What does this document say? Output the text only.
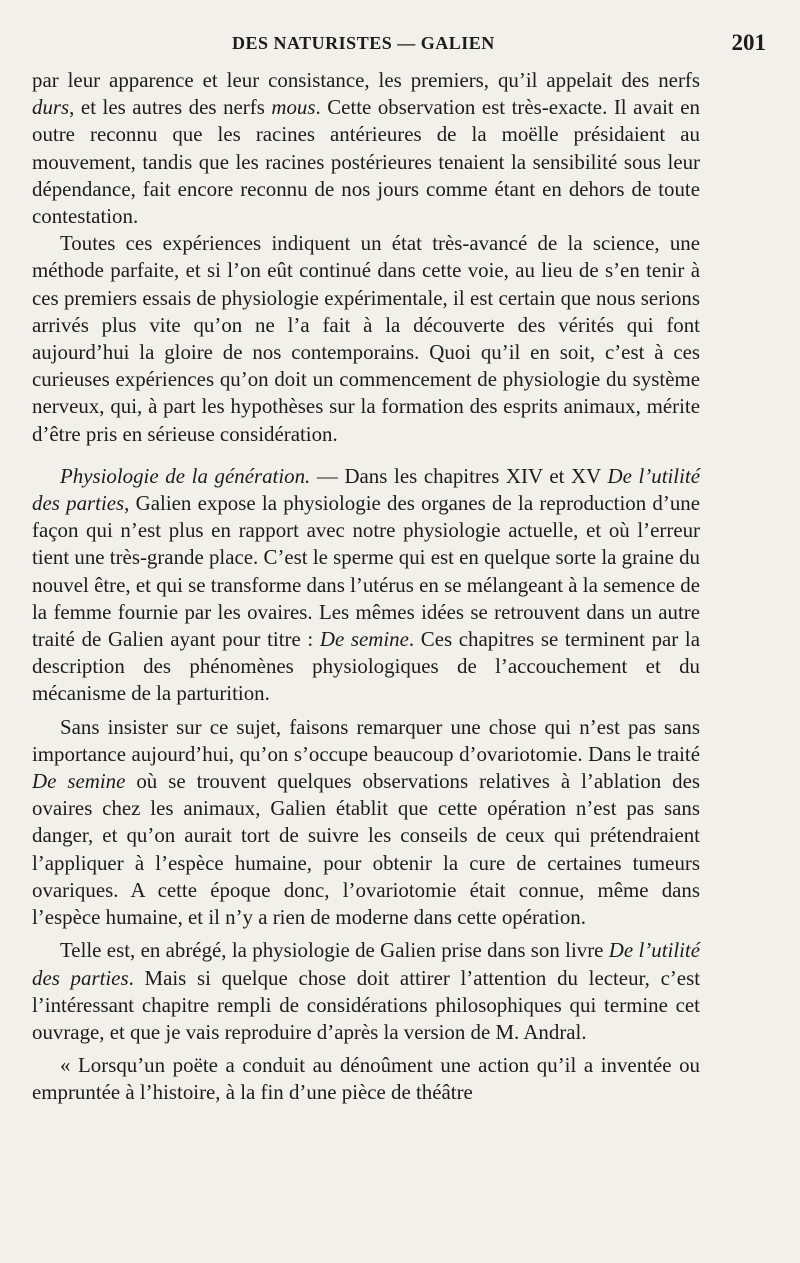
DES NATURISTES — GALIEN	201

par leur apparence et leur consistance, les premiers, qu’il appelait des nerfs durs, et les autres des nerfs mous. Cette observation est très-exacte. Il avait en outre reconnu que les racines antérieures de la moëlle présidaient au mouvement, tandis que les racines postérieures tenaient la sensibilité sous leur dépendance, fait encore reconnu de nos jours comme étant en dehors de toute contestation.

Toutes ces expériences indiquent un état très-avancé de la science, une méthode parfaite, et si l’on eût continué dans cette voie, au lieu de s’en tenir à ces premiers essais de physiologie expérimentale, il est certain que nous serions arrivés plus vite qu’on ne l’a fait à la découverte des vérités qui font aujourd’hui la gloire de nos contemporains. Quoi qu’il en soit, c’est à ces curieuses expériences qu’on doit un commencement de physiologie du système nerveux, qui, à part les hypothèses sur la formation des esprits animaux, mérite d’être pris en sérieuse considération.

Physiologie de la génération. — Dans les chapitres XIV et XV De l’utilité des parties, Galien expose la physiologie des organes de la reproduction d’une façon qui n’est plus en rapport avec notre physiologie actuelle, et où l’erreur tient une très-grande place. C’est le sperme qui est en quelque sorte la graine du nouvel être, et qui se transforme dans l’utérus en se mélangeant à la semence de la femme fournie par les ovaires. Les mêmes idées se retrouvent dans un autre traité de Galien ayant pour titre : De semine. Ces chapitres se terminent par la description des phénomènes physiologiques de l’accouchement et du mécanisme de la parturition.

Sans insister sur ce sujet, faisons remarquer une chose qui n’est pas sans importance aujourd’hui, qu’on s’occupe beaucoup d’ovariotomie. Dans le traité De semine où se trouvent quelques observations relatives à l’ablation des ovaires chez les animaux, Galien établit que cette opération n’est pas sans danger, et qu’on aurait tort de suivre les conseils de ceux qui prétendraient l’appliquer à l’espèce humaine, pour obtenir la cure de certaines tumeurs ovariques. A cette époque donc, l’ovariotomie était connue, même dans l’espèce humaine, et il n’y a rien de moderne dans cette opération.

Telle est, en abrégé, la physiologie de Galien prise dans son livre De l’utilité des parties. Mais si quelque chose doit attirer l’attention du lecteur, c’est l’intéressant chapitre rempli de considérations philosophiques qui termine cet ouvrage, et que je vais reproduire d’après la version de M. Andral.

« Lorsqu’un poëte a conduit au dénoûment une action qu’il a inventée ou empruntée à l’histoire, à la fin d’une pièce de théâtre
